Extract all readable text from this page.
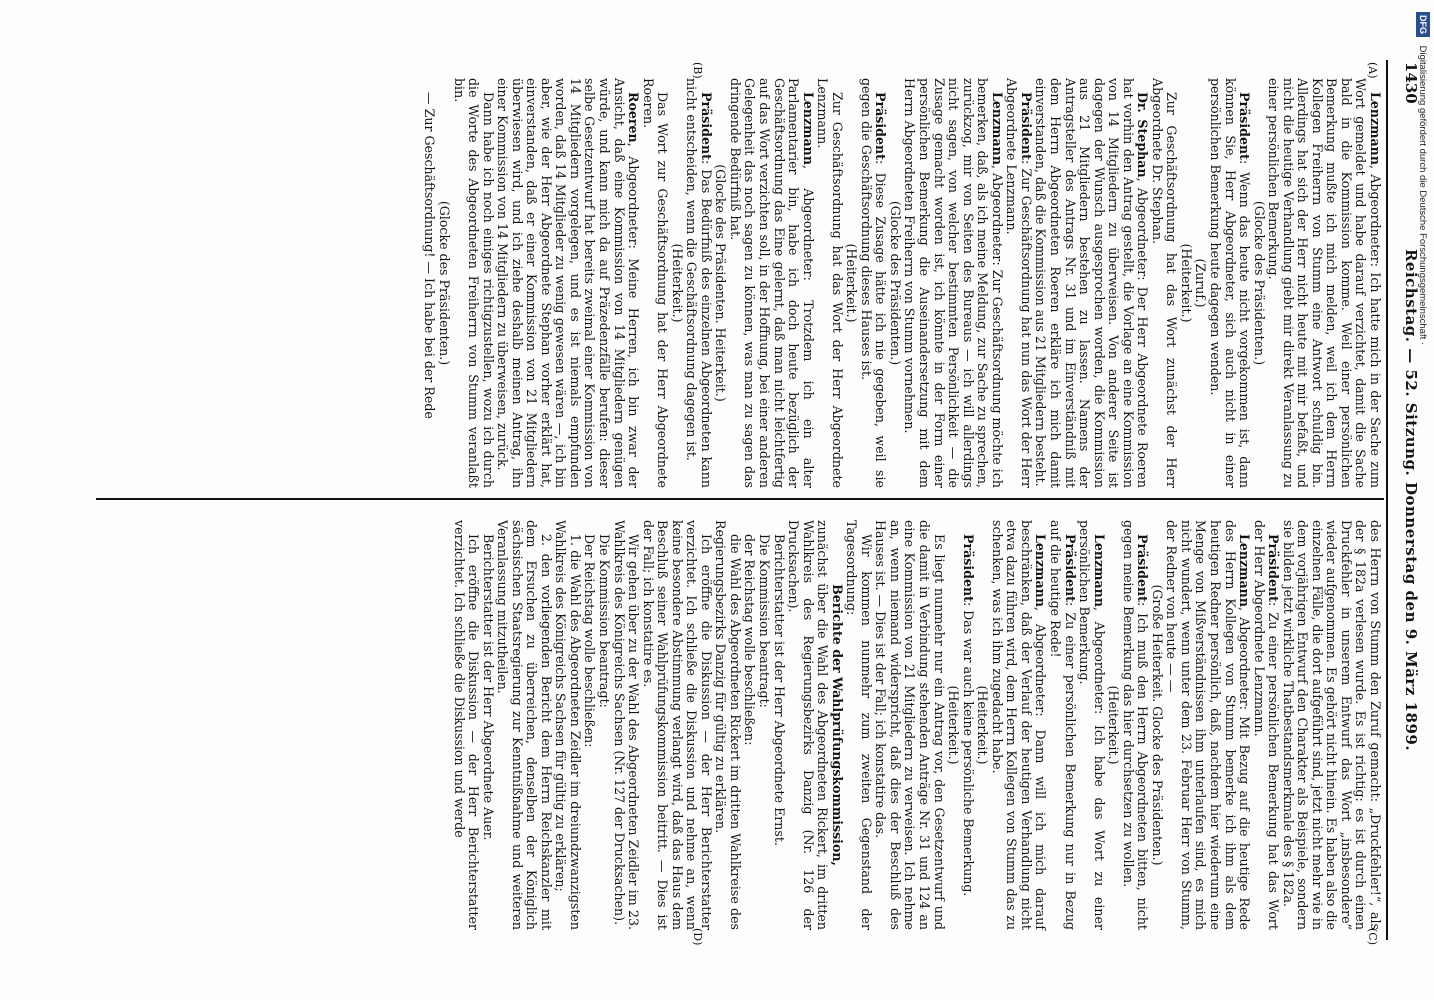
1430
Reichstag. — 52. Sitzung. Donnerstag den 9. März 1899.
(A)
(B)
(C)
(D)

Lenzmann, Abgeordneter: Ich hatte mich in der Sache zum Wort gemeldet und habe darauf verzichtet, damit die Sache bald in die Kommission komme. Weil einer persönlichen Bemerkung mußte ich mich melden, weil ich dem Herrn Kollegen Freiherrn von Stumm eine Antwort schuldig bin. Allerdings hat sich der Herr nicht heute mit mir befaßt, und nicht die heutige Verhandlung giebt mir direkt Veranlassung zu einer persönlichen Bemerkung.

(Glocke des Präsidenten.)

Präsident: Wenn das heute nicht vorgekommen ist, dann können Sie, Herr Abgeordneter, sich auch nicht in einer persönlichen Bemerkung heute dagegen wenden.

(Zuruf.)

(Heiterkeit.)

Zur Geschäftsordnung hat das Wort zunächst der Herr Abgeordnete Dr. Stephan.

Dr. Stephan, Abgeordneter: Der Herr Abgeordnete Roeren hat vorhin den Antrag gestellt, die Vorlage an eine Kommission von 14 Mitgliedern zu überweisen. Von anderer Seite ist dagegen der Wunsch ausgesprochen worden, die Kommission aus 21 Mitgliedern bestehen zu lassen. Namens der Antragsteller des Antrags Nr. 31 und im Einverständniß mit dem Herrn Abgeordneten Roeren erkläre ich mich damit einverstanden, daß die Kommission aus 21 Mitgliedern besteht.

Präsident: Zur Geschäftsordnung hat nun das Wort der Herr Abgeordnete Lenzmann.

Lenzmann, Abgeordneter: Zur Geschäftsordnung möchte ich bemerken, daß, als ich meine Meldung, zur Sache zu sprechen, zurückzog, mir von Seiten des Bureaus — ich will allerdings nicht sagen, von welcher bestimmten Persönlichkeit — die Zusage gemacht worden ist, ich könnte in der Form einer persönlichen Bemerkung die Auseinandersetzung mit dem Herrn Abgeordneten Freiherrn von Stumm vornehmen.

(Glocke des Präsidenten.)

Präsident: Diese Zusage hätte ich nie gegeben, weil sie gegen die Geschäftsordnung dieses Hauses ist.

(Heiterkeit.)

Zur Geschäftsordnung hat das Wort der Herr Abgeordnete Lenzmann.

Lenzmann, Abgeordneter: Trotzdem ich ein alter Parlamentarier bin, habe ich doch heute bezüglich der Geschäftsordnung das Eine gelernt, daß man nicht leichtfertig auf das Wort verzichten soll, in der Hoffnung, bei einer anderen Gelegenheit das noch sagen zu können, was man zu sagen das dringende Bedürfniß hat.

(Glocke des Präsidenten. Heiterkeit.)

Präsident: Das Bedürfniß des einzelnen Abgeordneten kann nicht entscheiden, wenn die Geschäftsordnung dagegen ist.

(Heiterkeit.)

Das Wort zur Geschäftsordnung hat der Herr Abgeordnete Roeren.

Roeren, Abgeordneter: Meine Herren, ich bin zwar der Ansicht, daß eine Kommission von 14 Mitgliedern genügen würde, und kann mich da auf Präzedenzfälle berufen: dieser selbe Gesetzentwurf hat bereits zweimal einer Kommission von 14 Mitgliedern vorgelegen, und es ist niemals empfunden worden, daß 14 Mitglieder zu wenig gewesen wären —, ich bin aber, wie der Herr Abgeordnete Stephan vorher erklärt hat, einverstanden, daß er einer Kommission von 21 Mitgliedern überwiesen wird, und ich ziehe deshalb meinen Antrag, ihn einer Kommission von 14 Mitgliedern zu überweisen, zurück.

Dann habe ich noch einiges richtigzustellen, wozu ich durch die Worte des Abgeordneten Freiherrn von Stumm veranlaßt bin.

(Glocke des Präsidenten.)

— Zur Geschäftsordnung! — Ich habe bei der Rede

des Herrn von Stumm den Zuruf gemacht: „Druckfehler!“, als der § 182a verlesen wurde. Es ist richtig: es ist durch einen Druckfehler in unserem Entwurf das Wort „insbesondere“ wieder aufgenommen. Es gehört nicht hinein. Es haben also die einzelnen Fälle, die dort aufgeführt sind, jetzt nicht mehr wie in dem vorjährigen Entwurf den Charakter als Beispiele, sondern sie bilden jetzt wirkliche Thatbestandsmerkmale des § 182a.

Präsident: Zu einer persönlichen Bemerkung hat das Wort der Herr Abgeordnete Lenzmann.

Lenzmann, Abgeordneter: Mit Bezug auf die heutige Rede des Herrn Kollegen von Stumm bemerke ich ihm als dem heutigen Redner persönlich, daß, nachdem hier wiederum eine Menge von Mißverständnissen ihm unterlaufen sind, es mich nicht wundert, wenn unter dem 23. Februar Herr von Stumm, der Redner von heute — —

(Große Heiterkeit. Glocke des Präsidenten.)

Präsident: Ich muß den Herrn Abgeordneten bitten, nicht gegen meine Bemerkung das hier durchsetzen zu wollen.

(Heiterkeit.)

Lenzmann, Abgeordneter: Ich habe das Wort zu einer persönlichen Bemerkung.

Präsident: Zu einer persönlichen Bemerkung nur in Bezug auf die heutige Rede!

Lenzmann, Abgeordneter: Dann will ich mich darauf beschränken, daß der Verlauf der heutigen Verhandlung nicht etwa dazu führen wird, dem Herrn Kollegen von Stumm das zu schenken, was ich ihm zugedacht habe.

(Heiterkeit.)

Präsident: Das war auch keine persönliche Bemerkung.

(Heiterkeit.)

Es liegt nunmehr nur ein Antrag vor, den Gesetzentwurf und die damit in Verbindung stehenden Anträge Nr. 31 und 124 an eine Kommission von 21 Mitgliedern zu verweisen. Ich nehme an, wenn niemand widerspricht, daß dies der Beschluß des Hauses ist. — Dies ist der Fall; ich konstatire das.

Wir kommen nunmehr zum zweiten Gegenstand der Tagesordnung:

Berichte der Wahlprüfungskommission,

zunächst über die Wahl des Abgeordneten Rickert, im dritten Wahlkreis des Regierungsbezirks Danzig (Nr. 126 der Drucksachen).

Berichterstatter ist der Herr Abgeordnete Ernst.

Die Kommission beantragt:

der Reichstag wolle beschließen:

die Wahl des Abgeordneten Rickert im dritten Wahlkreise des Regierungsbezirks Danzig für gültig zu erklären.

Ich eröffne die Diskussion — der Herr Berichterstatter verzichtet. Ich schließe die Diskussion und nehme an, wenn keine besondere Abstimmung verlangt wird, daß das Haus dem Beschluß seiner Wahlprüfungskommission beitritt. — Dies ist der Fall; ich konstatire es.

Wir gehen über zu der Wahl des Abgeordneten Zeidler im 23. Wahlkreis des Königreichs Sachsen (Nr. 127 der Drucksachen).

Die Kommission beantragt:

Der Reichstag wolle beschließen:

1. die Wahl des Abgeordneten Zeidler im dreiundzwanzigsten Wahlkreis des Königreichs Sachsen für gültig zu erklären;

2. den vorliegenden Bericht dem Herrn Reichskanzler mit dem Ersuchen zu überreichen, denselben der Königlich sächsischen Staatsregierung zur Kenntnißnahme und weiteren Veranlassung mitzutheilen.

Berichterstatter ist der Herr Abgeordnete Auer.

Ich eröffne die Diskussion — der Herr Berichterstatter verzichtet. Ich schließe die Diskussion und werde

DFG Digitalisierung gefördert durch die Deutsche Forschungsgemeinschaft ·
